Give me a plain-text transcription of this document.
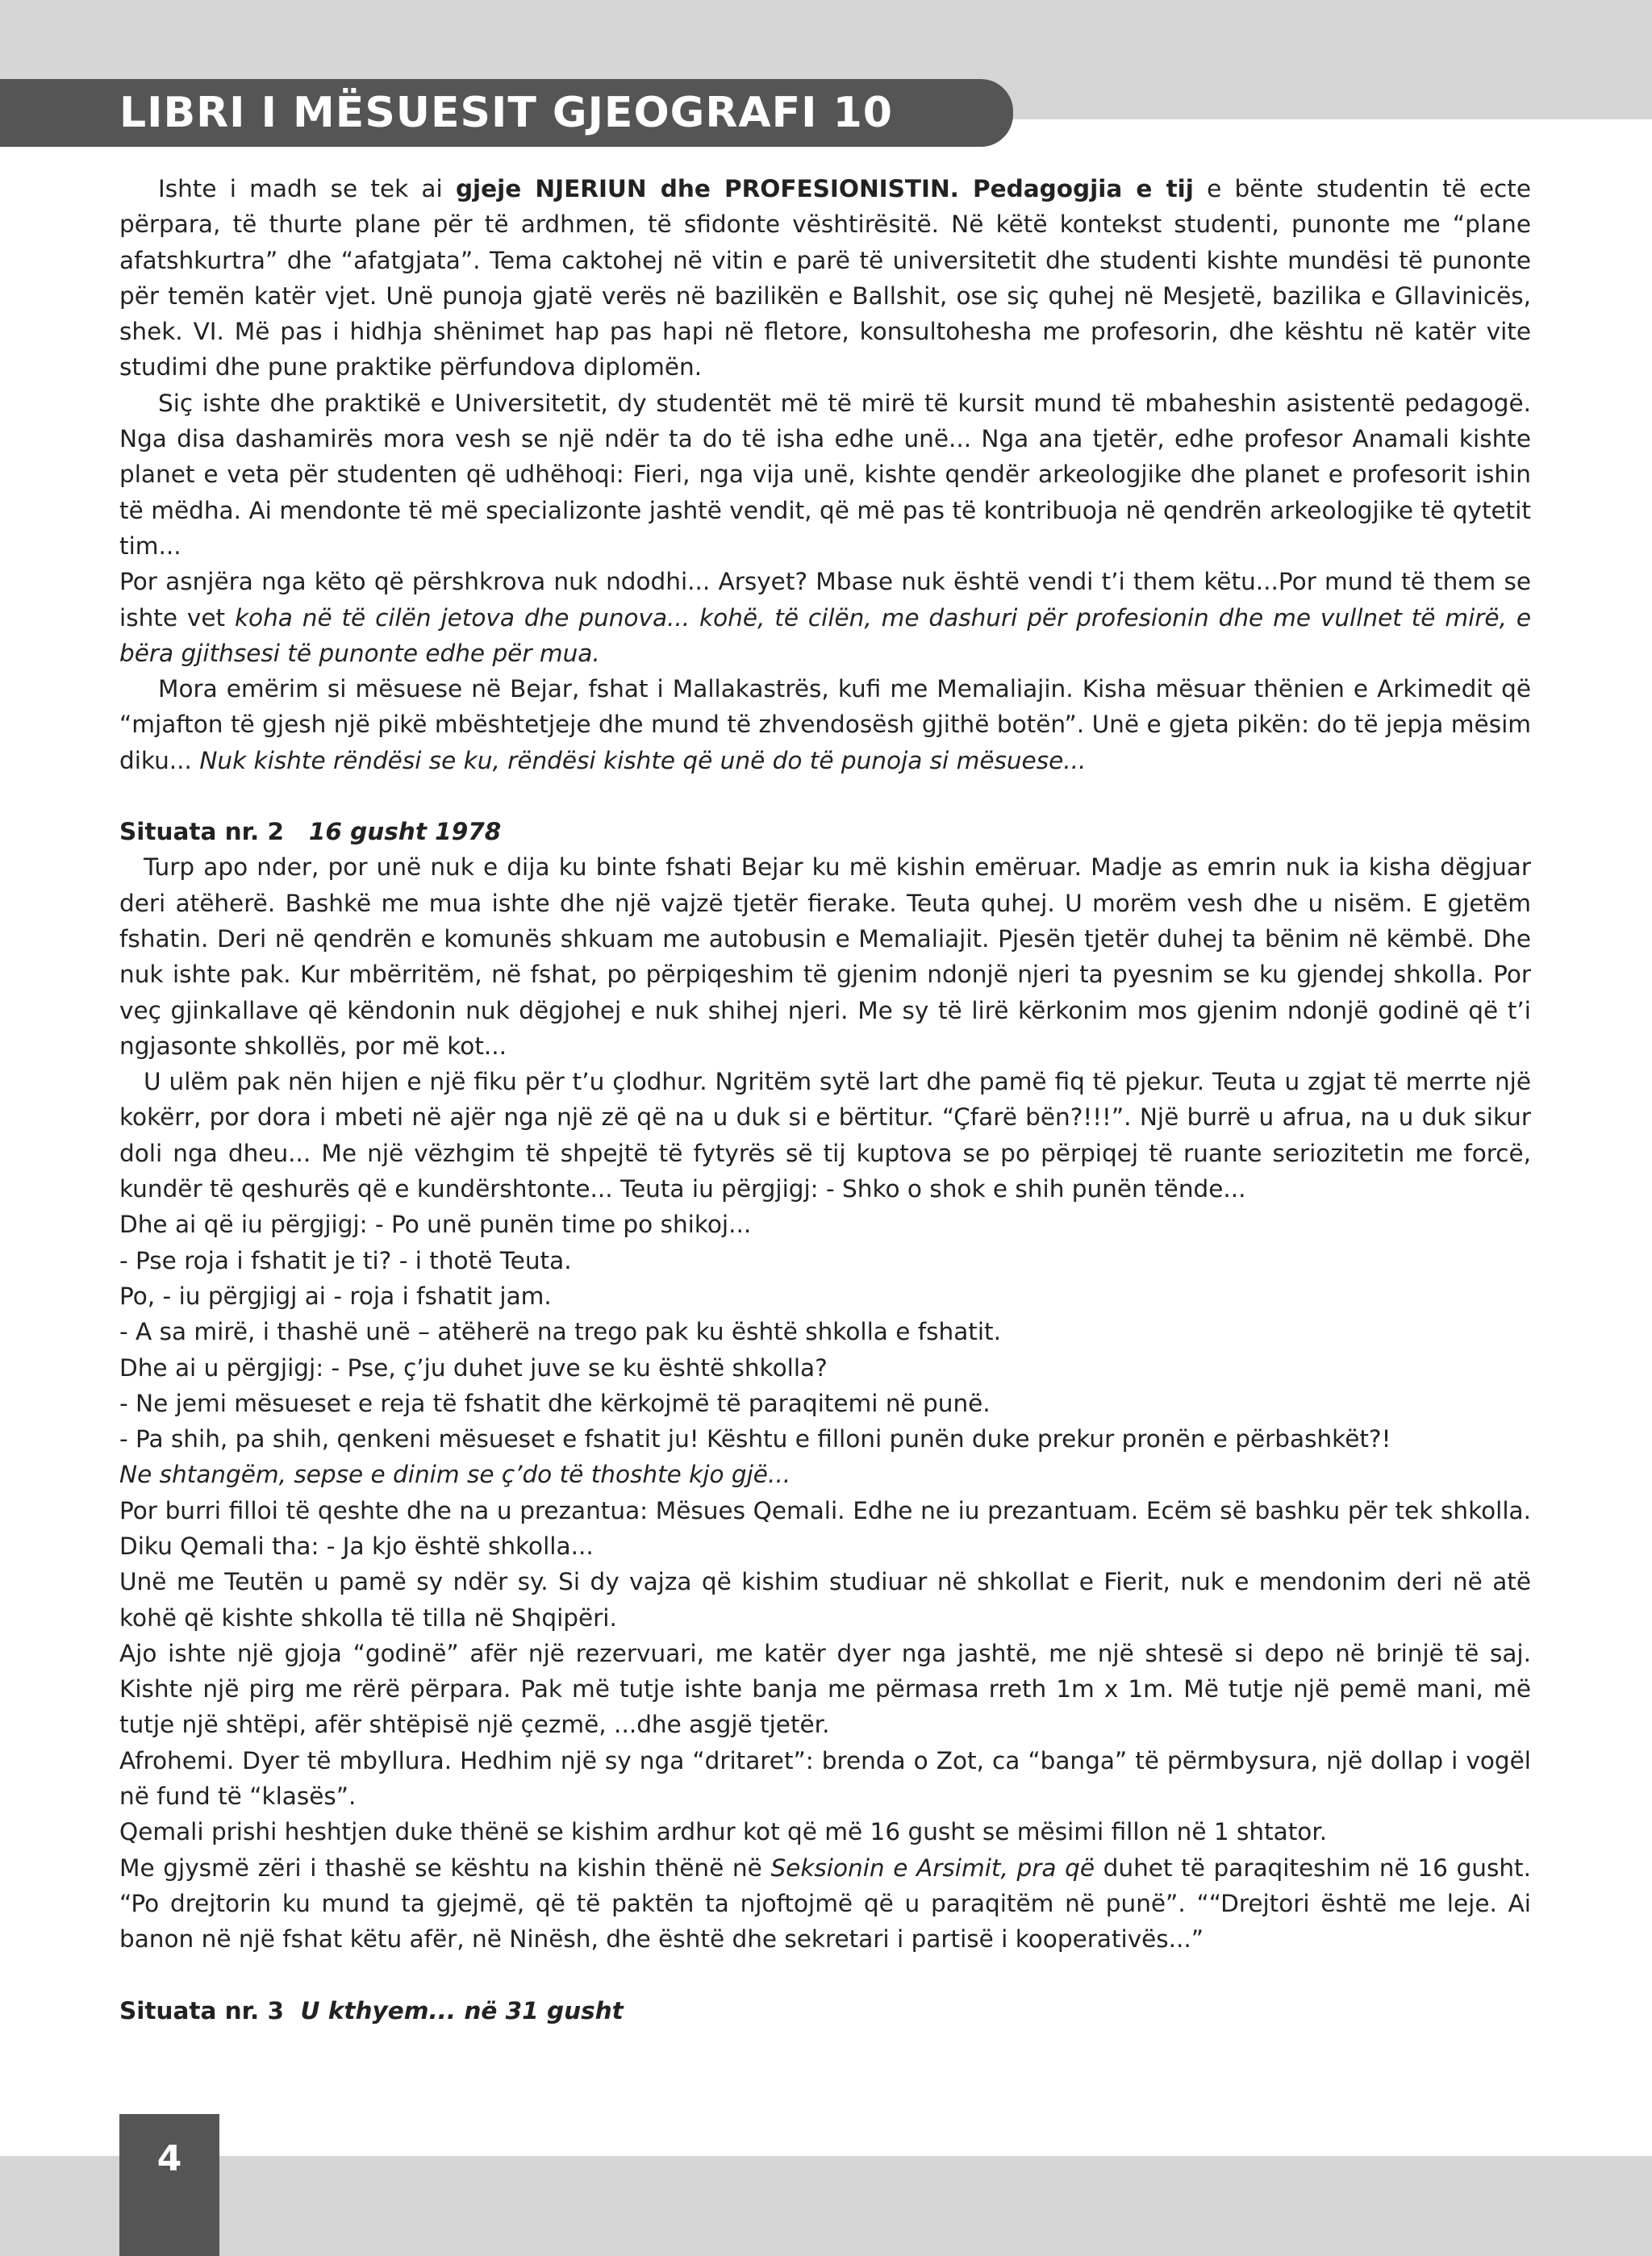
LIBRI I MËSUESIT GJEOGRAFI 10

Ishte i madh se tek ai gjeje NJERIUN dhe PROFESIONISTIN. Pedagogjia e tij e bënte studentin të ecte përpara, të thurte plane për të ardhmen, të sfidonte vështirësitë. Në këtë kontekst studenti, punonte me “plane afatshkurtra” dhe “afatgjata”. Tema caktohej në vitin e parë të universitetit dhe studenti kishte mundësi të punonte për temën katër vjet. Unë punoja gjatë verës në bazilikën e Ballshit, ose siç quhej në Mesjetë, bazilika e Gllavinicës, shek. VI. Më pas i hidhja shënimet hap pas hapi në fletore, konsultohesha me profesorin, dhe kështu në katër vite studimi dhe pune praktike përfundova diplomën.

Siç ishte dhe praktikë e Universitetit, dy studentët më të mirë të kursit mund të mbaheshin asistentë pedagogë. Nga disa dashamirës mora vesh se një ndër ta do të isha edhe unë... Nga ana tjetër, edhe profesor Anamali kishte planet e veta për studenten që udhëhoqi: Fieri, nga vija unë, kishte qendër arkeologjike dhe planet e profesorit ishin të mëdha. Ai mendonte të më specializonte jashtë vendit, që më pas të kontribuoja në qendrën arkeologjike të qytetit tim...

Por asnjëra nga këto që përshkrova nuk ndodhi... Arsyet? Mbase nuk është vendi t’i them këtu...Por mund të them se ishte vet koha në të cilën jetova dhe punova... kohë, të cilën, me dashuri për profesionin dhe me vullnet të mirë, e bëra gjithsesi të punonte edhe për mua.

Mora emërim si mësuese në Bejar, fshat i Mallakastrës, kufi me Memaliajin. Kisha mësuar thënien e Arkimedit që “mjafton të gjesh një pikë mbështetjeje dhe mund të zhvendosësh gjithë botën”. Unë e gjeta pikën: do të jepja mësim diku... Nuk kishte rëndësi se ku, rëndësi kishte që unë do të punoja si mësuese...

Situata nr. 2 16 gusht 1978

Turp apo nder, por unë nuk e dija ku binte fshati Bejar ku më kishin emëruar. Madje as emrin nuk ia kisha dëgjuar deri atëherë. Bashkë me mua ishte dhe një vajzë tjetër fierake. Teuta quhej. U morëm vesh dhe u nisëm. E gjetëm fshatin. Deri në qendrën e komunës shkuam me autobusin e Memaliajit. Pjesën tjetër duhej ta bënim në këmbë. Dhe nuk ishte pak. Kur mbërritëm, në fshat, po përpiqeshim të gjenim ndonjë njeri ta pyesnim se ku gjendej shkolla. Por veç gjinkallave që këndonin nuk dëgjohej e nuk shihej njeri. Me sy të lirë kërkonim mos gjenim ndonjë godinë që t’i ngjasonte shkollës, por më kot...

U ulëm pak nën hijen e një fiku për t’u çlodhur. Ngritëm sytë lart dhe pamë fiq të pjekur. Teuta u zgjat të merrte një kokërr, por dora i mbeti në ajër nga një zë që na u duk si e bërtitur. “Çfarë bën?!!!”. Një burrë u afrua, na u duk sikur doli nga dheu... Me një vëzhgim të shpejtë të fytyrës së tij kuptova se po përpiqej të ruante seriozitetin me forcë, kundër të qeshurës që e kundërshtonte... Teuta iu përgjigj: - Shko o shok e shih punën tënde...

Dhe ai që iu përgjigj: - Po unë punën time po shikoj...

- Pse roja i fshatit je ti? - i thotë Teuta.

Po, - iu përgjigj ai - roja i fshatit jam.

- A sa mirë, i thashë unë – atëherë na trego pak ku është shkolla e fshatit.

Dhe ai u përgjigj: - Pse, ç’ju duhet juve se ku është shkolla?

- Ne jemi mësueset e reja të fshatit dhe kërkojmë të paraqitemi në punë.

- Pa shih, pa shih, qenkeni mësueset e fshatit ju! Kështu e filloni punën duke prekur pronën e përbashkët?!

Ne shtangëm, sepse e dinim se ç’do të thoshte kjo gjë...

Por burri filloi të qeshte dhe na u prezantua: Mësues Qemali. Edhe ne iu prezantuam. Ecëm së bashku për tek shkolla. Diku Qemali tha: - Ja kjo është shkolla...

Unë me Teutën u pamë sy ndër sy. Si dy vajza që kishim studiuar në shkollat e Fierit, nuk e mendonim deri në atë kohë që kishte shkolla të tilla në Shqipëri.

Ajo ishte një gjoja “godinë” afër një rezervuari, me katër dyer nga jashtë, me një shtesë si depo në brinjë të saj. Kishte një pirg me rërë përpara. Pak më tutje ishte banja me përmasa rreth 1m x 1m. Më tutje një pemë mani, më tutje një shtëpi, afër shtëpisë një çezmë, ...dhe asgjë tjetër.

Afrohemi. Dyer të mbyllura. Hedhim një sy nga “dritaret”: brenda o Zot, ca “banga” të përmbysura, një dollap i vogël në fund të “klasës”.

Qemali prishi heshtjen duke thënë se kishim ardhur kot që më 16 gusht se mësimi fillon në 1 shtator.

Me gjysmë zëri i thashë se kështu na kishin thënë në Seksionin e Arsimit, pra që duhet të paraqiteshim në 16 gusht. “Po drejtorin ku mund ta gjejmë, që të paktën ta njoftojmë që u paraqitëm në punë”. ““Drejtori është me leje. Ai banon në një fshat këtu afër, në Ninësh, dhe është dhe sekretari i partisë i kooperativës...”

Situata nr. 3 U kthyem... në 31 gusht

4
